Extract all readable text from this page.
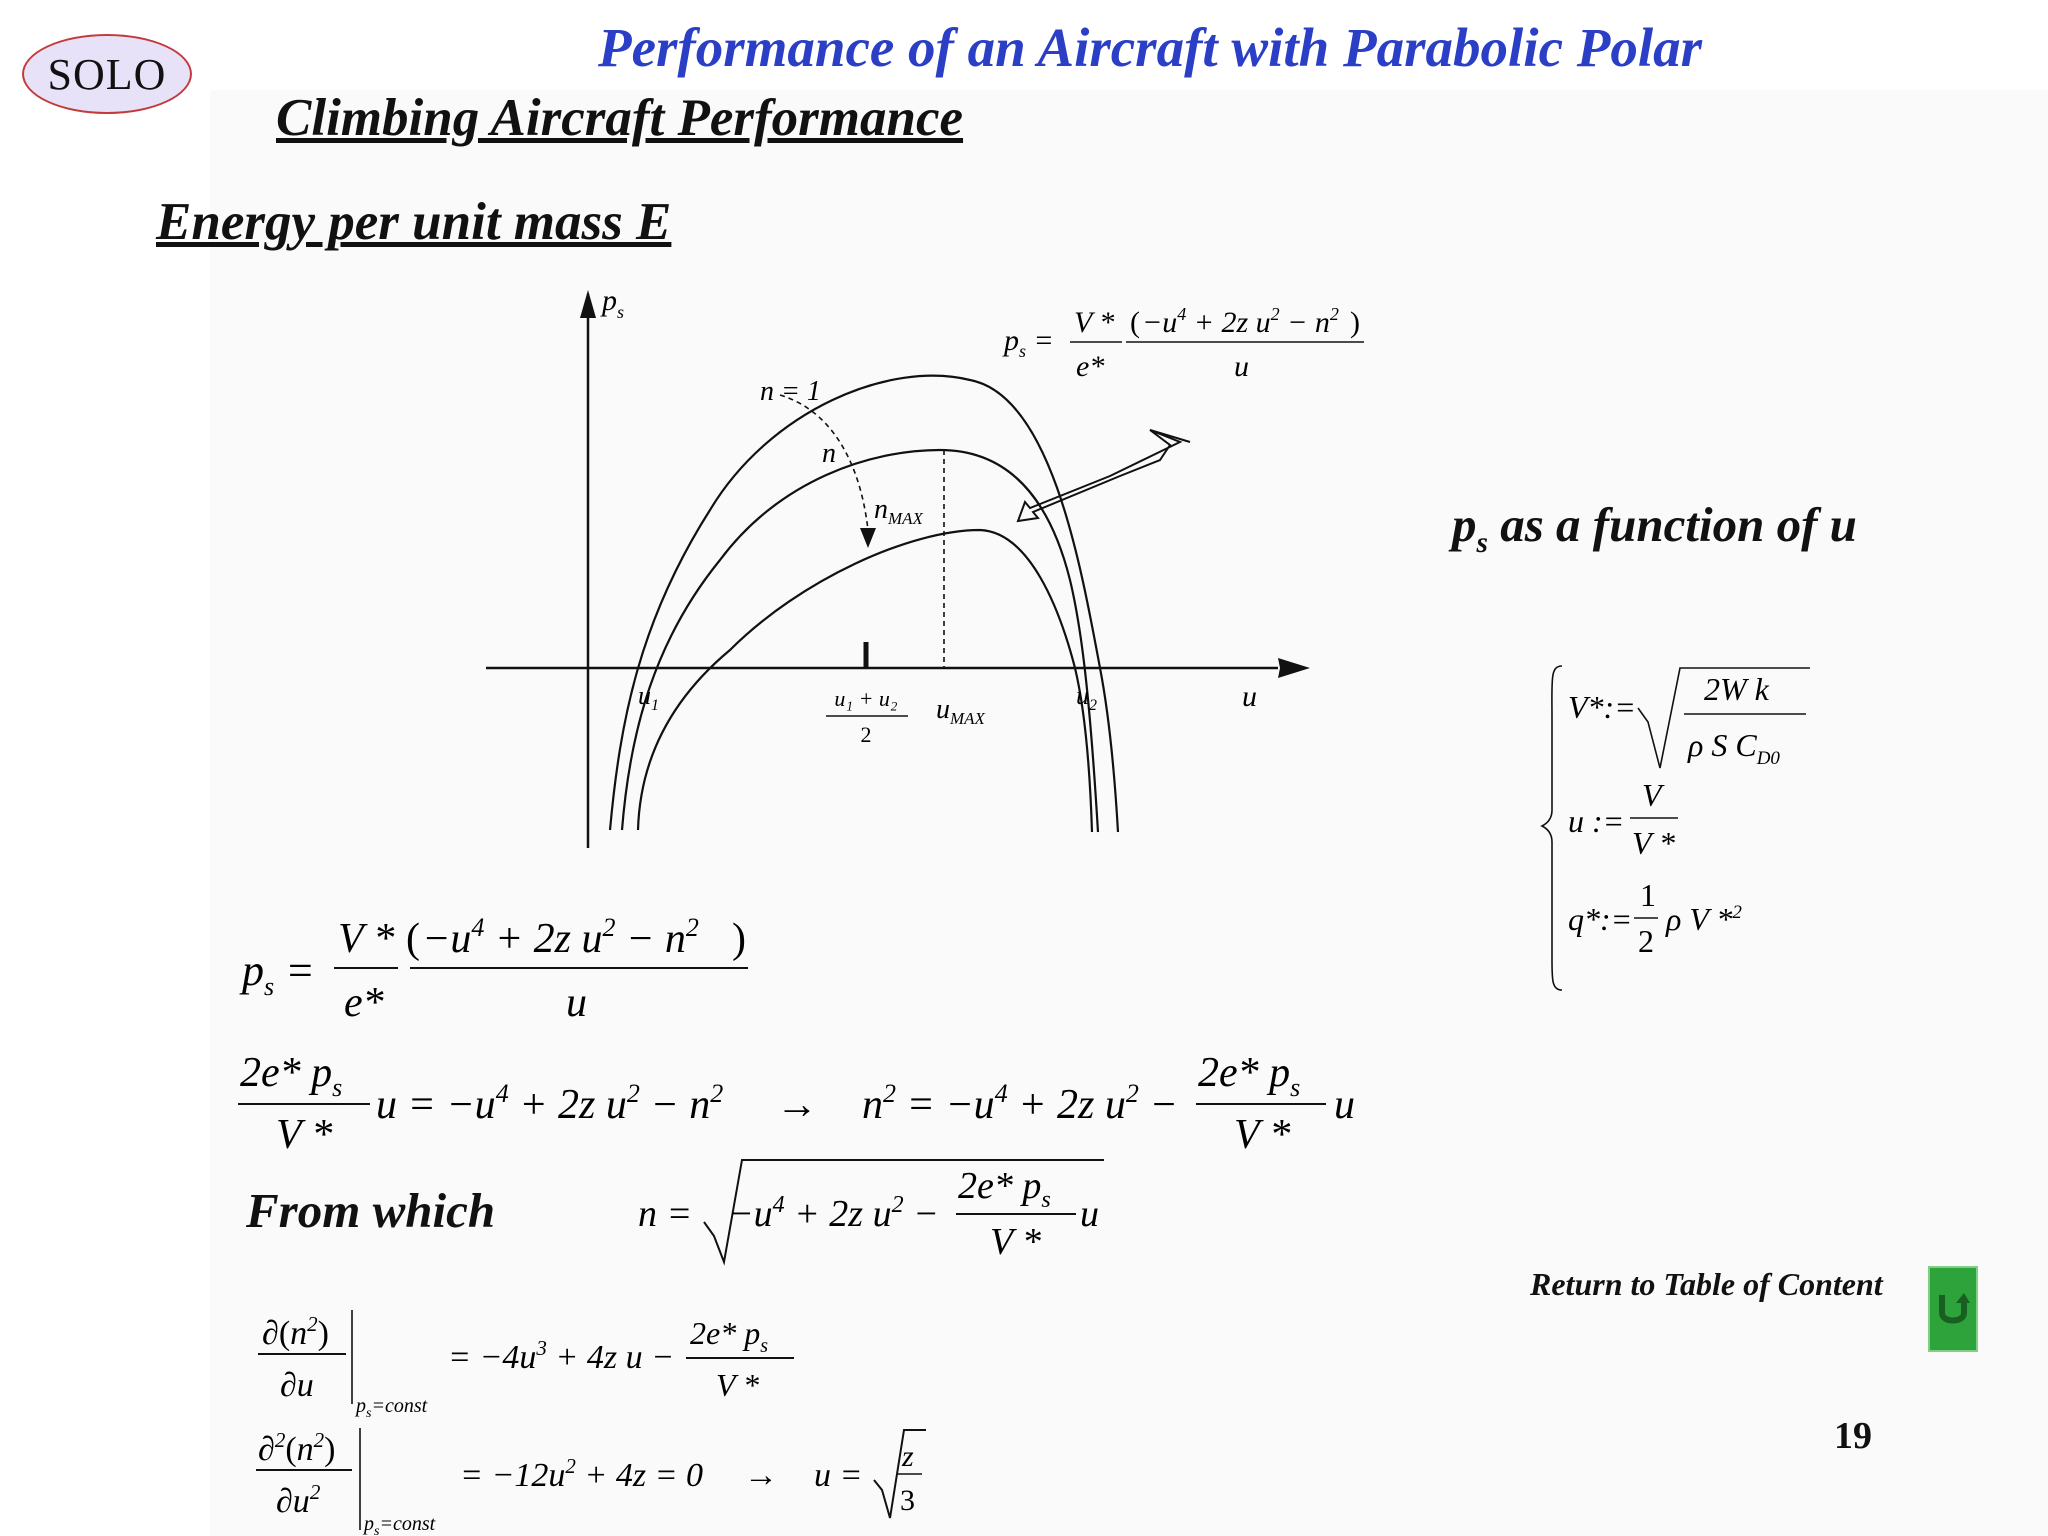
SOLO	Performance of an Aircraft with Parabolic Polar
Climbing Aircraft Performance
Energy per unit mass E
$p_s$ as a function of u
$p_s$
u
n = 1
n
$n_{MAX}$
$u_1$	$u_2$
$u_{MAX}$
u₁ + u₂
2
$p_s$ =
V *
e*
( $-u^4 + 2z$ $u^2 - n^2$ )
u
V*:= 2W k
ρ S $C_{D0}$
u :=
V
V *
q*:=
1
2
ρ V *$^2$
$p_s$ =
V *
e*
( $-u^4 + 2z$ $u^2 - n^2$ )
u
2e* $p_s$
V *
$u = -u^4 + 2z$ $u^2 - n^2 \to n^2 = -u^4 + 2z$ $u^2$ −
2e* $p_s$
V *
u
$n = -u^4 + 2z$ $u^2$ −
2e* $p_s$
V *
u
$\partial(n^2)$
∂u
$p_s=const$
= $-4u^3 + 4z$ u −
2e* $p_s$
V *
$\partial^2(n^2)$
$\partial u^2$
$p_s=const$
= $-12u^2 + 4z = 0 \to u$ =
z
3
From which
Return to Table of Content
19
